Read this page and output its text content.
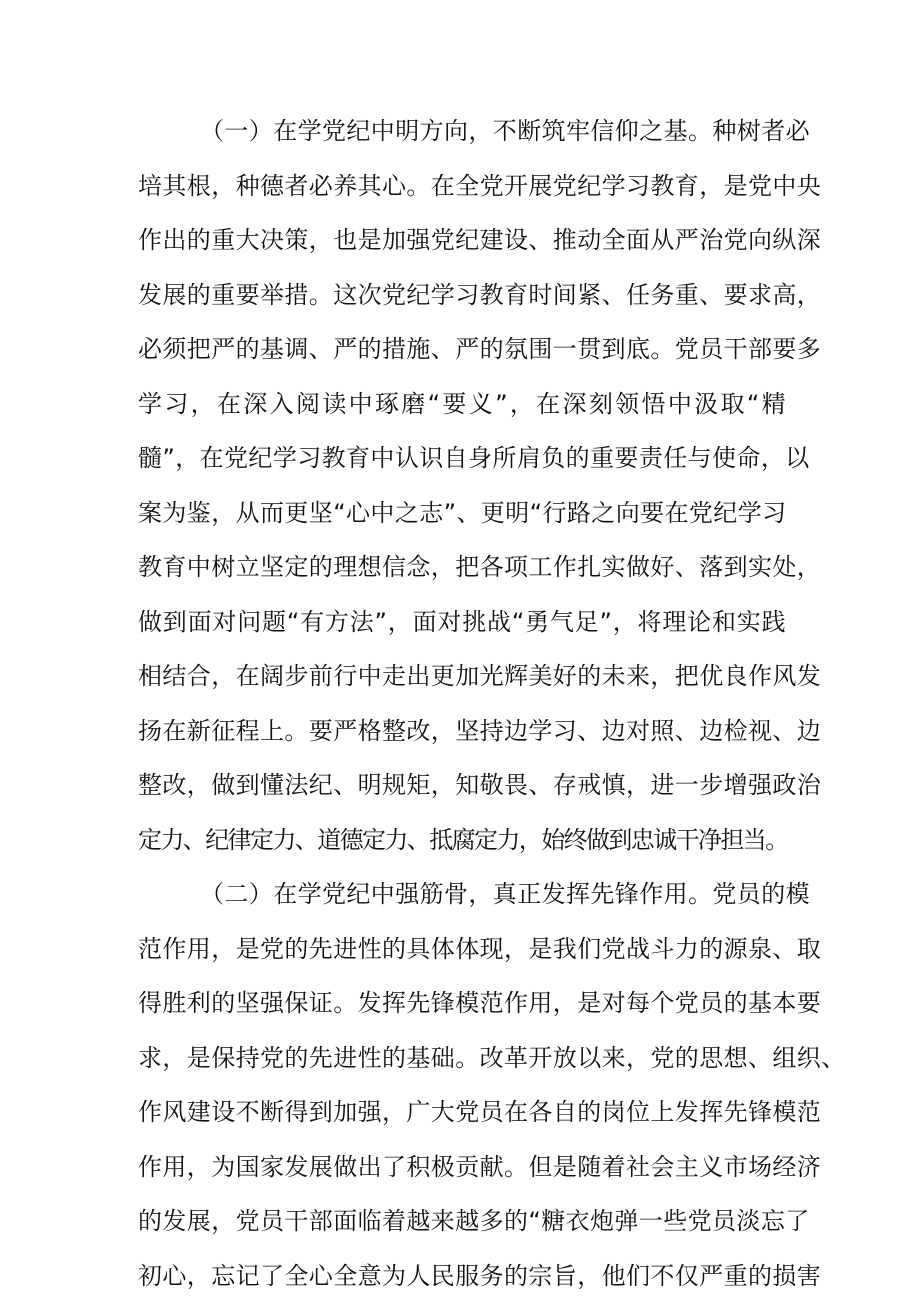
（一）在学党纪中明方向，不断筑牢信仰之基。种树者必
培其根，种德者必养其心。在全党开展党纪学习教育，是党中央
作出的重大决策，也是加强党纪建设、推动全面从严治党向纵深
发展的重要举措。这次党纪学习教育时间紧、任务重、要求高，
必须把严的基调、严的措施、严的氛围一贯到底。党员干部要多
学习，在深入阅读中琢磨“要义”，在深刻领悟中汲取“精
髓”，在党纪学习教育中认识自身所肩负的重要责任与使命，以
案为鉴，从而更坚“心中之志”、更明“行路之向要在党纪学习
教育中树立坚定的理想信念，把各项工作扎实做好、落到实处，
做到面对问题“有方法”，面对挑战“勇气足”，将理论和实践
相结合，在阔步前行中走出更加光辉美好的未来，把优良作风发
扬在新征程上。要严格整改，坚持边学习、边对照、边检视、边
整改，做到懂法纪、明规矩，知敬畏、存戒慎，进一步增强政治
定力、纪律定力、道德定力、抵腐定力，始终做到忠诚干净担当。
（二）在学党纪中强筋骨，真正发挥先锋作用。党员的模
范作用，是党的先进性的具体体现，是我们党战斗力的源泉、取
得胜利的坚强保证。发挥先锋模范作用，是对每个党员的基本要
求，是保持党的先进性的基础。改革开放以来，党的思想、组织、
作风建设不断得到加强，广大党员在各自的岗位上发挥先锋模范
作用，为国家发展做出了积极贡献。但是随着社会主义市场经济
的发展，党员干部面临着越来越多的“糖衣炮弹一些党员淡忘了
初心，忘记了全心全意为人民服务的宗旨，他们不仅严重的损害
